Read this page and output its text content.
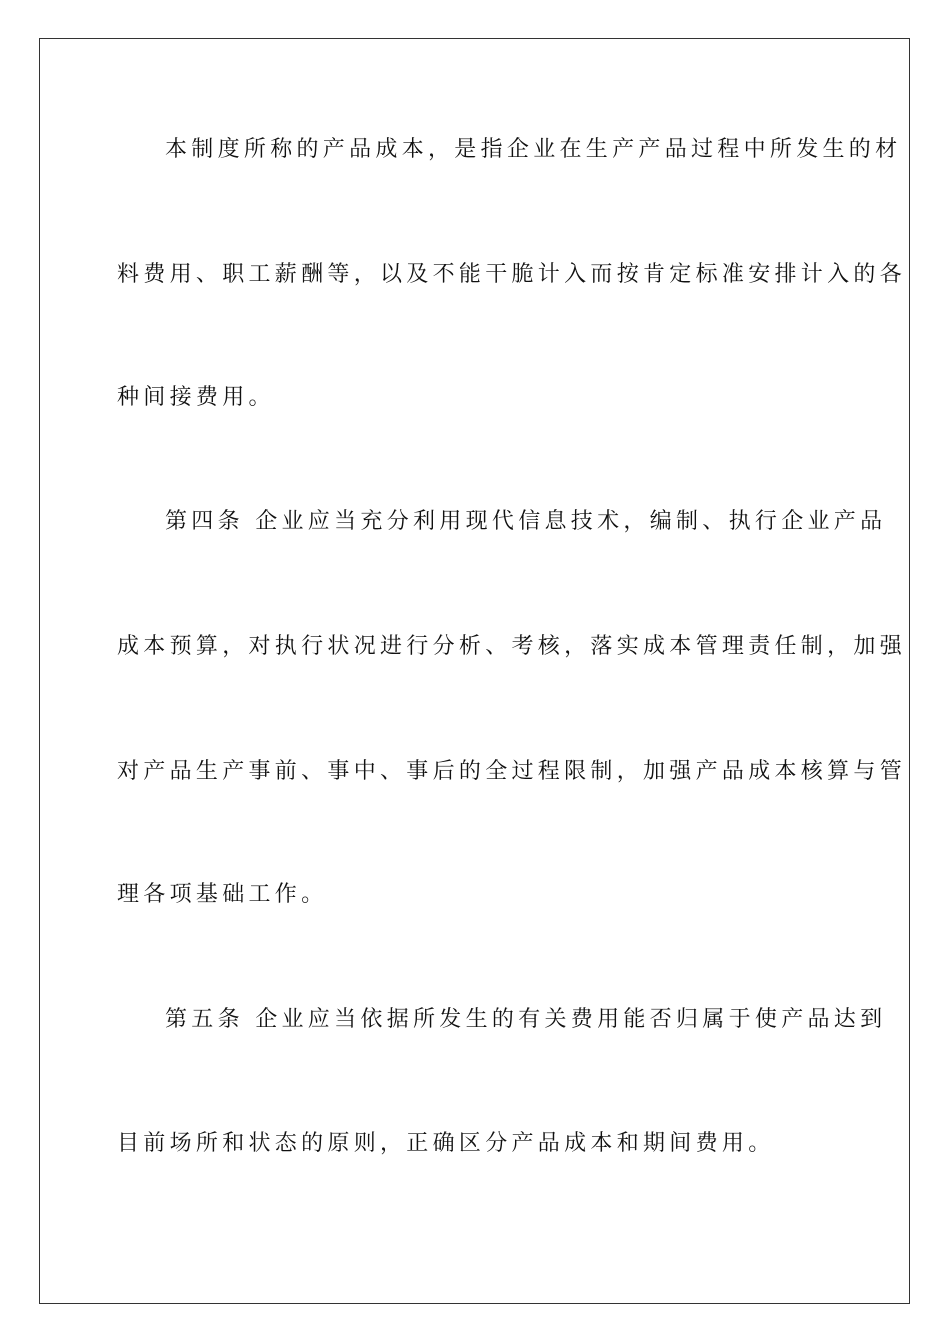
本制度所称的产品成本，是指企业在生产产品过程中所发生的材

料费用、职工薪酬等，以及不能干脆计入而按肯定标准安排计入的各

种间接费用。

第四条 企业应当充分利用现代信息技术，编制、执行企业产品

成本预算，对执行状况进行分析、考核，落实成本管理责任制，加强

对产品生产事前、事中、事后的全过程限制，加强产品成本核算与管

理各项基础工作。

第五条 企业应当依据所发生的有关费用能否归属于使产品达到

目前场所和状态的原则，正确区分产品成本和期间费用。
